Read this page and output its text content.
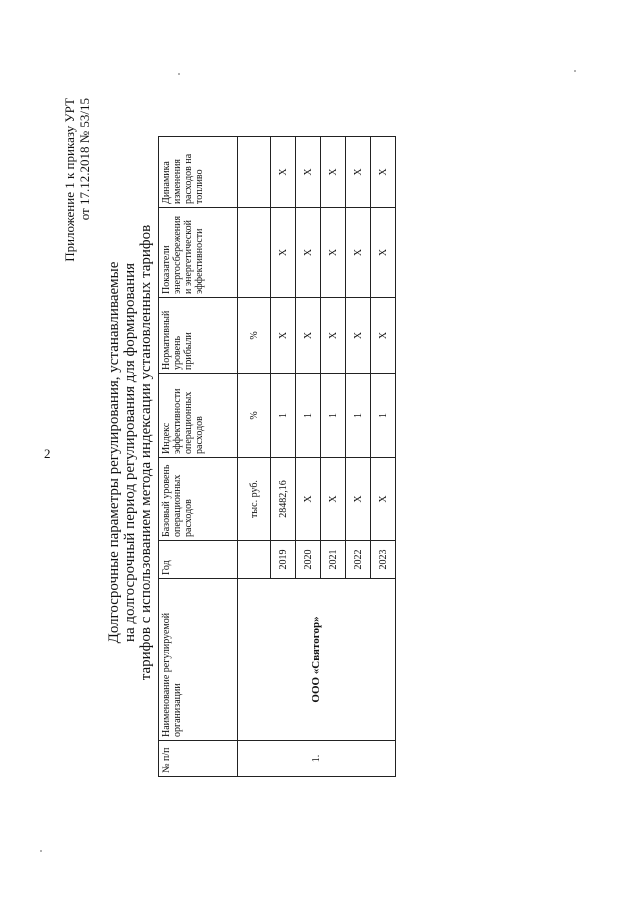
2
Приложение 1 к приказу УРТ от 17.12.2018 № 53/15
Долгосрочные параметры регулирования, устанавливаемые на долгосрочный период регулирования для формирования тарифов с использованием метода индексации установленных тарифов
№ п/п	Наименование регулируемой организации	Год	Базовый уровень операционных расходов	Индекс эффективности операционных расходов	Нормативный уровень прибыли	Показатели энергосбережения и энергетической эффективности	Динамика изменения расходов на топливо
1.	ООО «Святогор»		тыс. руб.	%	%		
		2019	28482,16	1	Х	Х	Х
		2020	Х	1	Х	Х	Х
		2021	Х	1	Х	Х	Х
		2022	Х	1	Х	Х	Х
		2023	Х	1	Х	Х	Х
